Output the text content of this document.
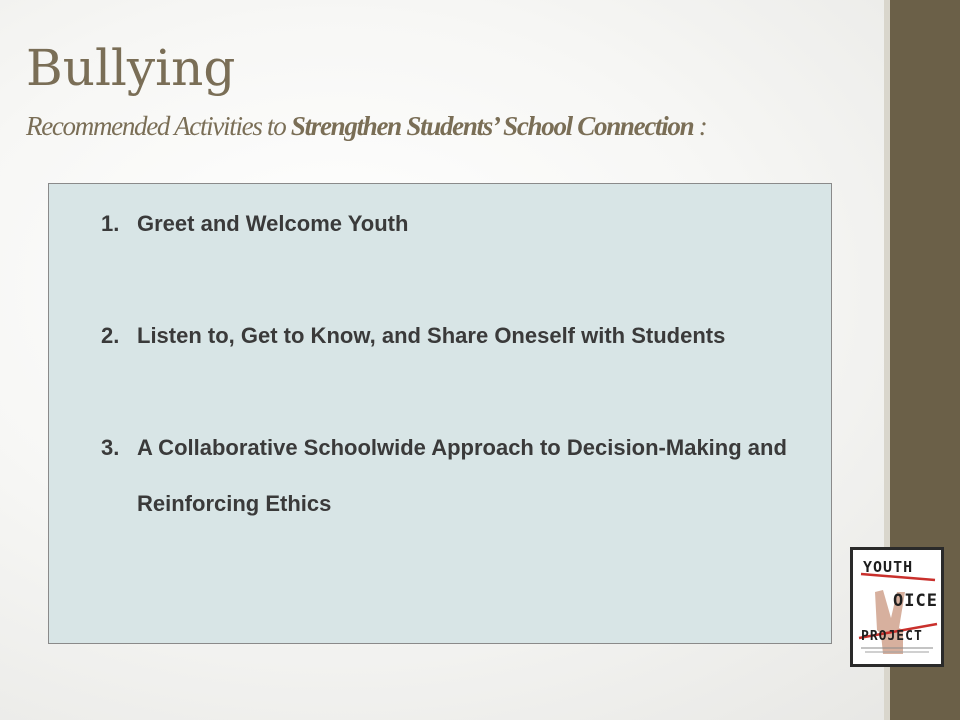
Bullying

Recommended Activities to Strengthen Students’ School Connection :

1. Greet and Welcome Youth
2. Listen to, Get to Know, and Share Oneself with Students
3. A Collaborative Schoolwide Approach to Decision-Making and Reinforcing Ethics
YOUTH
OICE
PROJECT
